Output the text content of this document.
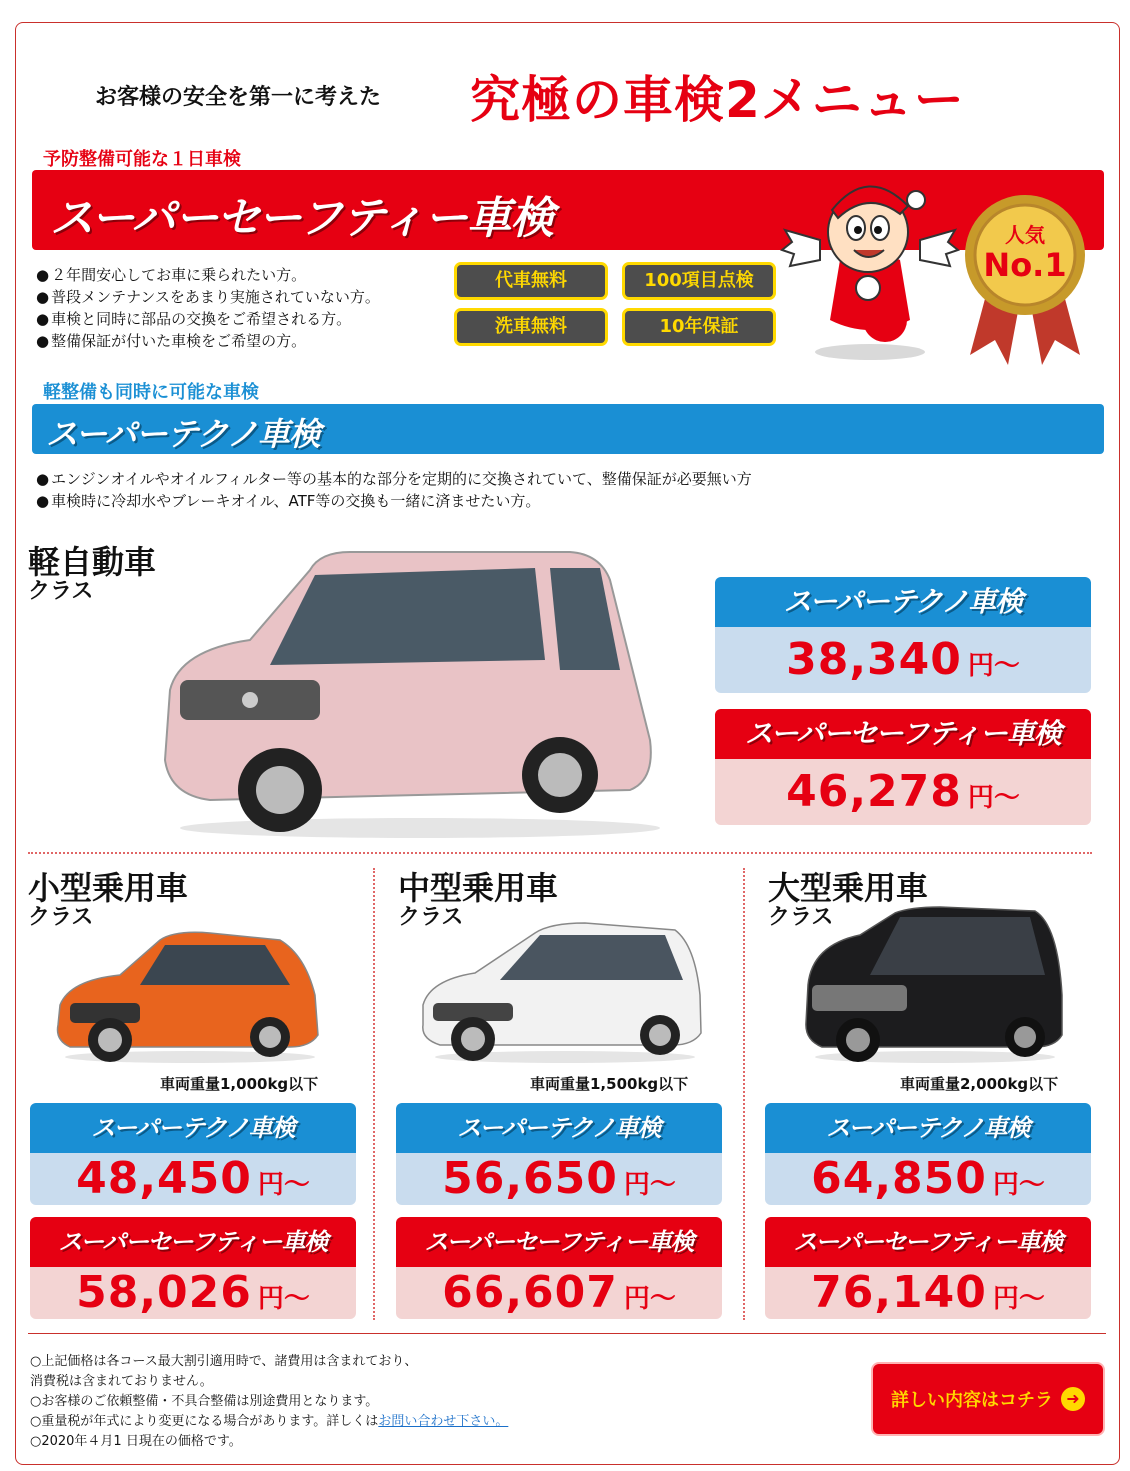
お客様の安全を第一に考えた 究極の車検2メニュー
予防整備可能な１日車検
スーパーセーフティー車検
● ２年間安心してお車に乗られたい方。
● 普段メンテナンスをあまり実施されていない方。
● 車検と同時に部品の交換をご希望される方。
● 整備保証が付いた車検をご希望の方。
代車無料	100項目点検
洗車無料	10年保証
人気
No.1
軽整備も同時に可能な車検
スーパーテクノ車検
● エンジンオイルやオイルフィルター等の基本的な部分を定期的に交換されていて、整備保証が必要無い方
● 車検時に冷却水やブレーキオイル、ATF等の交換も一緒に済ませたい方。
軽自動車
クラス	スーパーテクノ車検
38,340 円〜
スーパーセーフティー車検
46,278 円〜
小型乗用車
クラス
車両重量1,000kg以下
スーパーテクノ車検
48,450 円〜
スーパーセーフティー車検
58,026 円〜
中型乗用車
クラス
車両重量1,500kg以下
スーパーテクノ車検
56,650 円〜
スーパーセーフティー車検
66,607 円〜
大型乗用車
クラス
車両重量2,000kg以下
スーパーテクノ車検
64,850 円〜
スーパーセーフティー車検
76,140 円〜
○上記価格は各コース最大割引適用時で、諸費用は含まれており、
消費税は含まれておりません。
○お客様のご依頼整備・不具合整備は別途費用となります。
○重量税が年式により変更になる場合があります。詳しくはお問い合わせ下さい。
○2020年４月1 日現在の価格です。
詳しい内容はコチラ ➜
